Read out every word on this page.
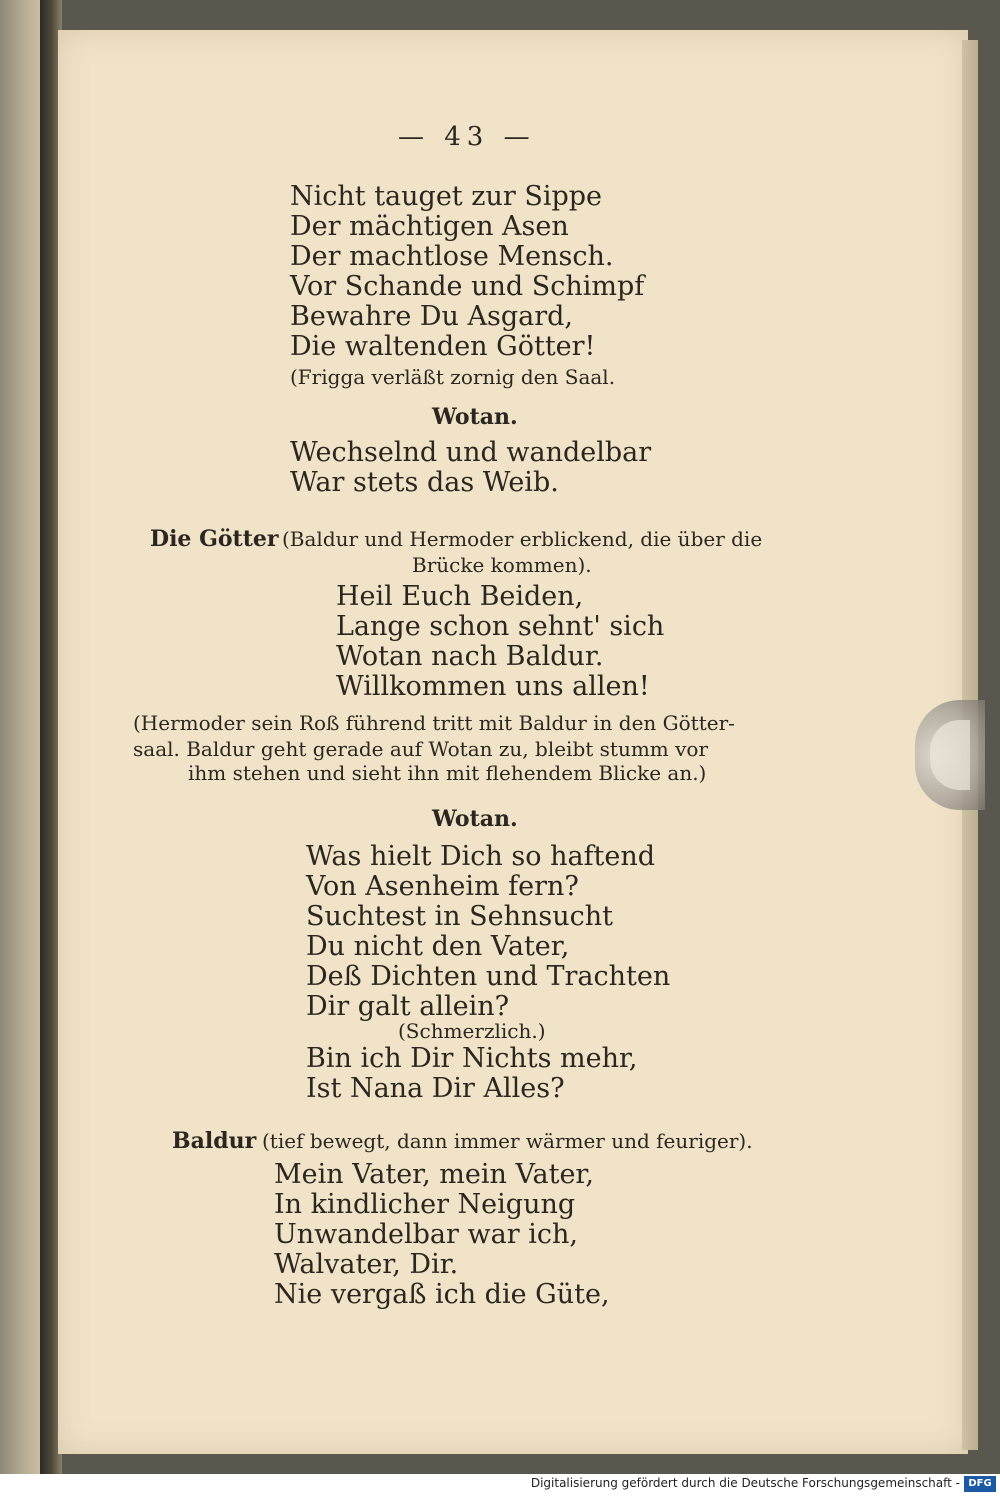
— 43 —
Nicht tauget zur Sippe
Der mächtigen Asen
Der machtlose Mensch.
Vor Schande und Schimpf
Bewahre Du Asgard,
Die waltenden Götter!
(Frigga verläßt zornig den Saal.
Wotan.
Wechselnd und wandelbar
War stets das Weib.
Die Götter (Baldur und Hermoder erblickend, die über die
Brücke kommen).
Heil Euch Beiden,
Lange schon sehnt' sich
Wotan nach Baldur.
Willkommen uns allen!
(Hermoder sein Roß führend tritt mit Baldur in den Götter-
saal. Baldur geht gerade auf Wotan zu, bleibt stumm vor
ihm stehen und sieht ihn mit flehendem Blicke an.)
Wotan.
Was hielt Dich so haftend
Von Asenheim fern?
Suchtest in Sehnsucht
Du nicht den Vater,
Deß Dichten und Trachten
Dir galt allein?
(Schmerzlich.)
Bin ich Dir Nichts mehr,
Ist Nana Dir Alles?
Baldur (tief bewegt, dann immer wärmer und feuriger).
Mein Vater, mein Vater,
In kindlicher Neigung
Unwandelbar war ich,
Walvater, Dir.
Nie vergaß ich die Güte,
Digitalisierung gefördert durch die Deutsche Forschungsgemeinschaft - DFG
